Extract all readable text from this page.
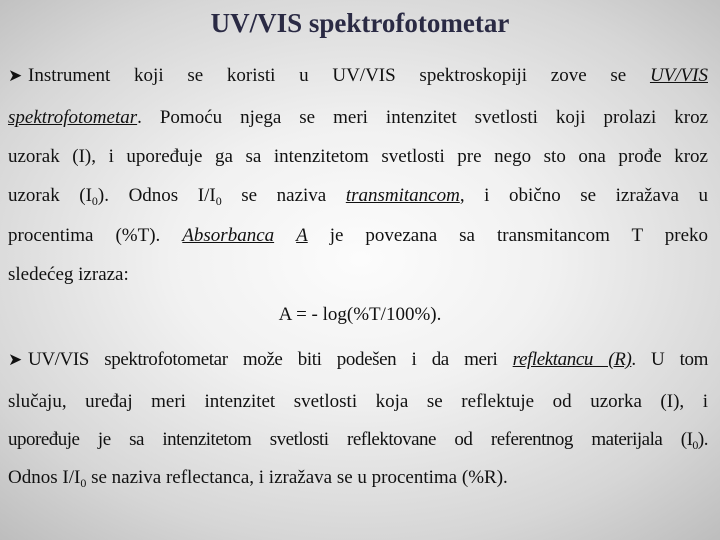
UV/VIS spektrofotometar
➤ Instrument koji se koristi u UV/VIS spektroskopiji zove se UV/VIS
spektrofotometar. Pomoću njega se meri intenzitet svetlosti koji prolazi kroz
uzorak (I), i upoređuje ga sa intenzitetom svetlosti pre nego sto ona prođe kroz
uzorak $(I_0)$. Odnos $I/I_0$ se naziva transmitancom, i obično se izražava u
procentima (%T). Absorbanca A je povezana sa transmitancom T preko
sledećeg izraza:
A = - log(%T/100%).
➤ UV/VIS spektrofotometar može biti podešen i da meri reflektancu (R). U tom
slučaju, uređaj meri intenzitet svetlosti koja se reflektuje od uzorka (I), i
upoređuje je sa intenzitetom svetlosti reflektovane od referentnog materijala $(I_0)$.
Odnos $I/I_0$ se naziva reflectanca, i izražava se u procentima (%R).
